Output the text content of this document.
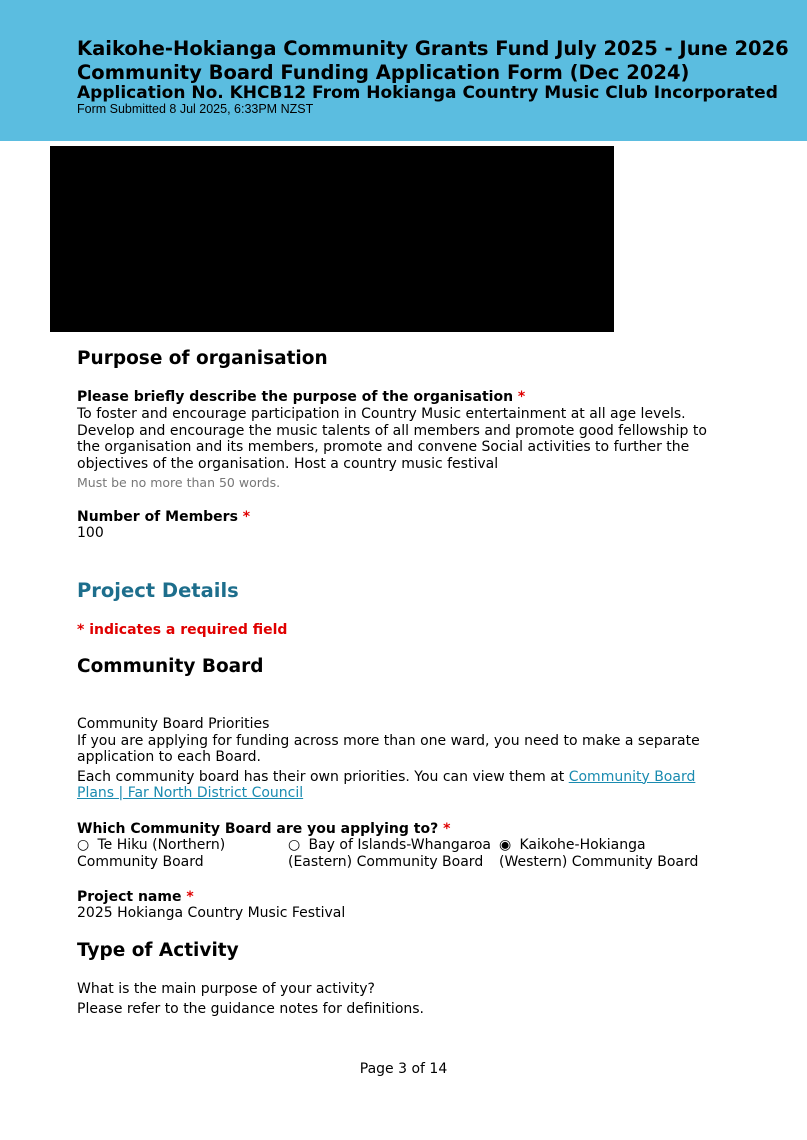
Kaikohe-Hokianga Community Grants Fund July 2025 - June 2026
Community Board Funding Application Form (Dec 2024)
Application No. KHCB12 From Hokianga Country Music Club Incorporated
Form Submitted 8 Jul 2025, 6:33PM NZST
Purpose of organisation
Please briefly describe the purpose of the organisation *
To foster and encourage participation in Country Music entertainment at all age levels.
Develop and encourage the music talents of all members and promote good fellowship to
the organisation and its members, promote and convene Social activities to further the
objectives of the organisation. Host a country music festival
Must be no more than 50 words.
Number of Members *
100
Project Details
* indicates a required field
Community Board
Community Board Priorities
If you are applying for funding across more than one ward, you need to make a separate
application to each Board.
Each community board has their own priorities. You can view them at Community Board
Plans | Far North District Council
Which Community Board are you applying to? *
○ Te Hiku (Northern)
Community Board
○ Bay of Islands-Whangaroa
(Eastern) Community Board
◉ Kaikohe-Hokianga
(Western) Community Board
Project name *
2025 Hokianga Country Music Festival
Type of Activity
What is the main purpose of your activity?
Please refer to the guidance notes for definitions.
Page 3 of 14
